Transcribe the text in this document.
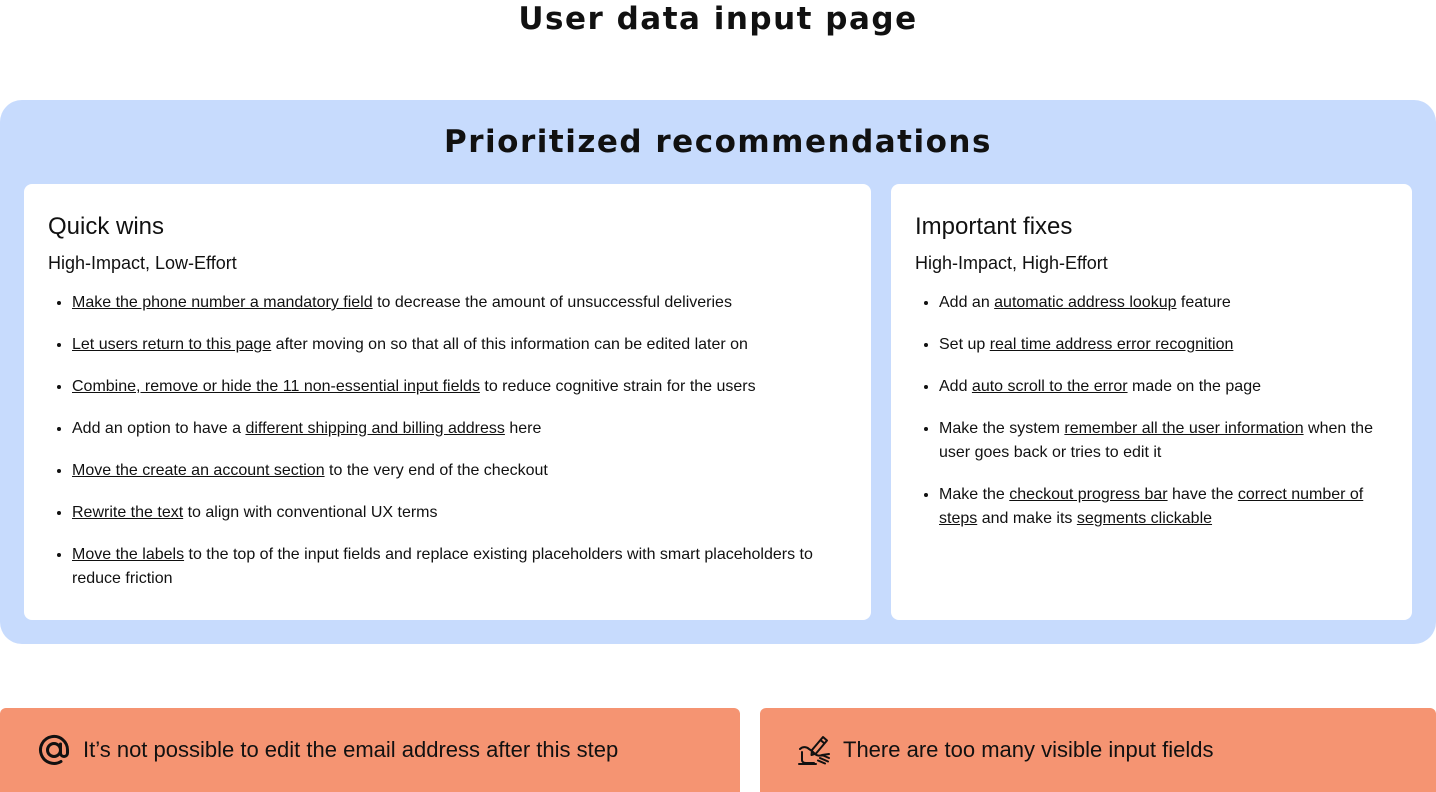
User data input page
Prioritized recommendations
Quick wins

High-Impact, Low-Effort

• Make the phone number a mandatory field to decrease the amount of unsuccessful deliveries
• Let users return to this page after moving on so that all of this information can be edited later on
• Combine, remove or hide the 11 non-essential input fields to reduce cognitive strain for the users
• Add an option to have a different shipping and billing address here
• Move the create an account section to the very end of the checkout
• Rewrite the text to align with conventional UX terms
• Move the labels to the top of the input fields and replace existing placeholders with smart placeholders to reduce friction
Important fixes

High-Impact, High-Effort

• Add an automatic address lookup feature
• Set up real time address error recognition
• Add auto scroll to the error made on the page
• Make the system remember all the user information when the user goes back or tries to edit it
• Make the checkout progress bar have the correct number of steps and make its segments clickable
It’s not possible to edit the email address after this step	There are too many visible input fields
